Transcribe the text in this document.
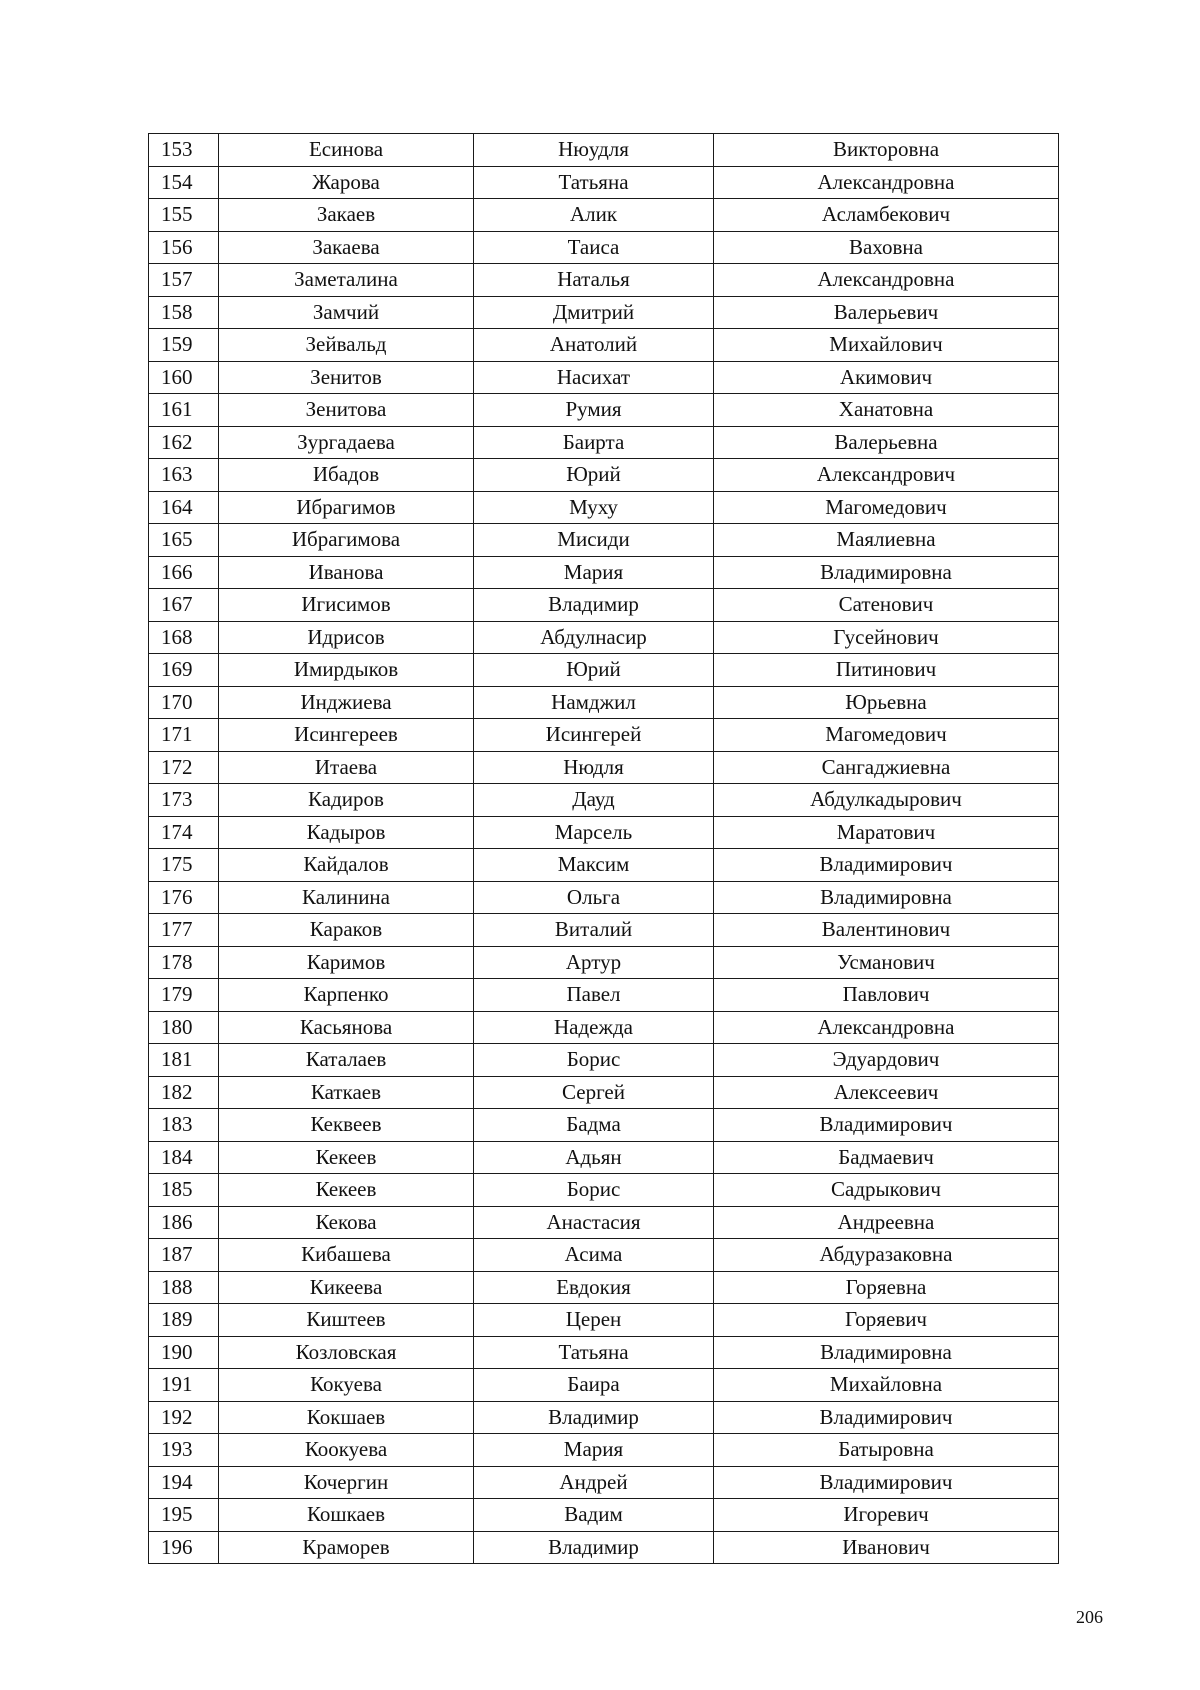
153	Есинова	Нюудля	Викторовна
154	Жарова	Татьяна	Александровна
155	Закаев	Алик	Асламбекович
156	Закаева	Таиса	Ваховна
157	Заметалина	Наталья	Александровна
158	Замчий	Дмитрий	Валерьевич
159	Зейвальд	Анатолий	Михайлович
160	Зенитов	Насихат	Акимович
161	Зенитова	Румия	Ханатовна
162	Зургадаева	Баирта	Валерьевна
163	Ибадов	Юрий	Александрович
164	Ибрагимов	Муху	Магомедович
165	Ибрагимова	Мисиди	Маялиевна
166	Иванова	Мария	Владимировна
167	Игисимов	Владимир	Сатенович
168	Идрисов	Абдулнасир	Гусейнович
169	Имирдыков	Юрий	Питинович
170	Инджиева	Намджил	Юрьевна
171	Исингереев	Исингерей	Магомедович
172	Итаева	Нюдля	Сангаджиевна
173	Кадиров	Дауд	Абдулкадырович
174	Кадыров	Марсель	Маратович
175	Кайдалов	Максим	Владимирович
176	Калинина	Ольга	Владимировна
177	Караков	Виталий	Валентинович
178	Каримов	Артур	Усманович
179	Карпенко	Павел	Павлович
180	Касьянова	Надежда	Александровна
181	Каталаев	Борис	Эдуардович
182	Каткаев	Сергей	Алексеевич
183	Кеквеев	Бадма	Владимирович
184	Кекеев	Адьян	Бадмаевич
185	Кекеев	Борис	Садрыкович
186	Кекова	Анастасия	Андреевна
187	Кибашева	Асима	Абдуразаковна
188	Кикеева	Евдокия	Горяевна
189	Киштеев	Церен	Горяевич
190	Козловская	Татьяна	Владимировна
191	Кокуева	Баира	Михайловна
192	Кокшаев	Владимир	Владимирович
193	Коокуева	Мария	Батыровна
194	Кочергин	Андрей	Владимирович
195	Кошкаев	Вадим	Игоревич
196	Краморев	Владимир	Иванович
206
